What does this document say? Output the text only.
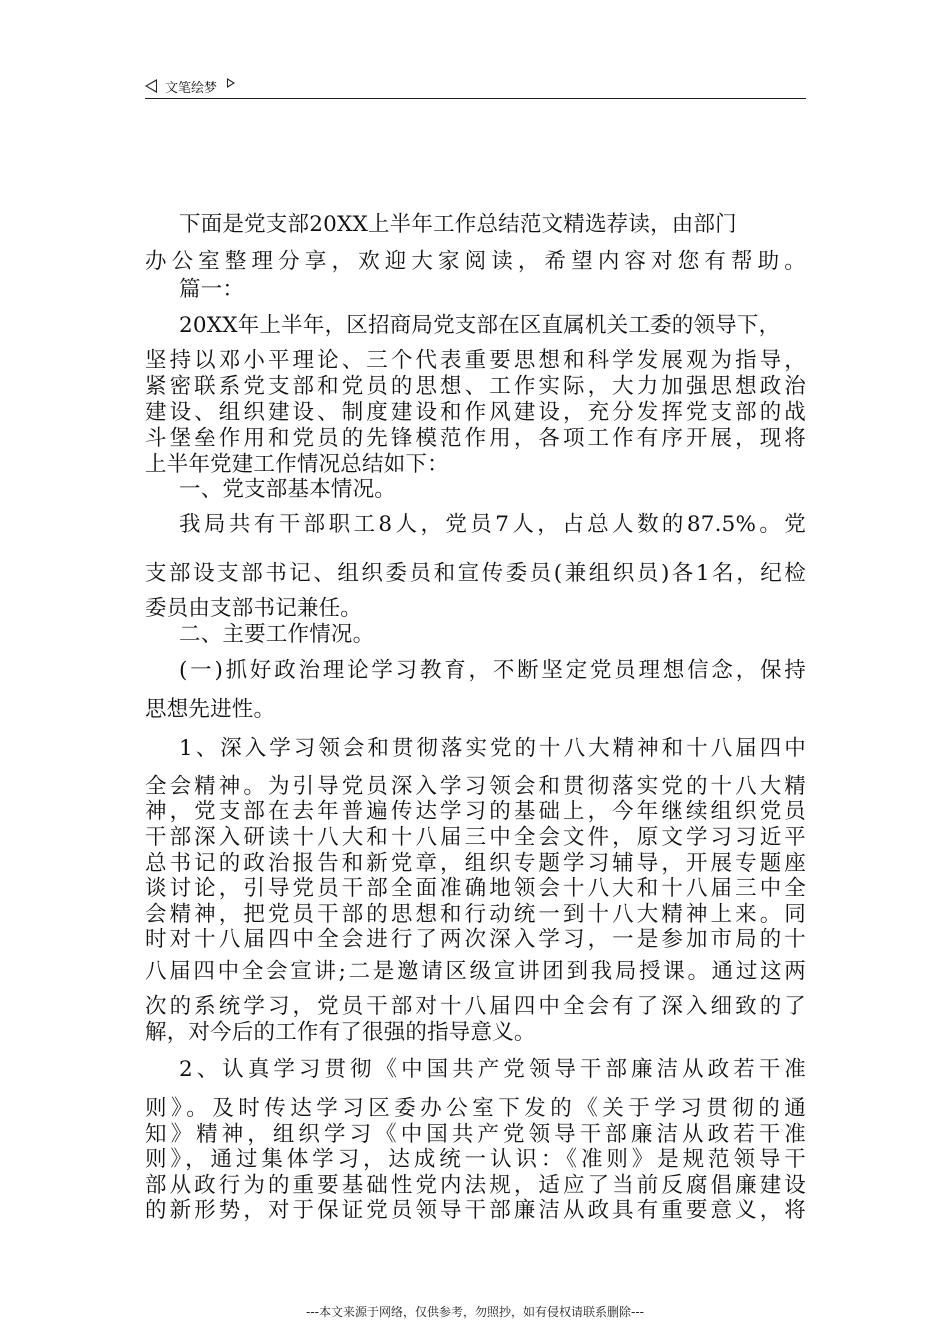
文笔绘梦
下面是党支部20XX上半年工作总结范文精选荐读，由部门
办公室整理分享，欢迎大家阅读，希望内容对您有帮助。
篇一：
20XX年上半年，区招商局党支部在区直属机关工委的领导下，
坚持以邓小平理论、三个代表重要思想和科学发展观为指导，
紧密联系党支部和党员的思想、工作实际，大力加强思想政治
建设、组织建设、制度建设和作风建设，充分发挥党支部的战
斗堡垒作用和党员的先锋模范作用，各项工作有序开展，现将
上半年党建工作情况总结如下：
一、党支部基本情况。
我局共有干部职工8人，党员7人，占总人数的87.5%。党
支部设支部书记、组织委员和宣传委员(兼组织员)各1名，纪检
委员由支部书记兼任。
二、主要工作情况。
(一)抓好政治理论学习教育，不断坚定党员理想信念，保持
思想先进性。
1、深入学习领会和贯彻落实党的十八大精神和十八届四中
全会精神。为引导党员深入学习领会和贯彻落实党的十八大精
神，党支部在去年普遍传达学习的基础上，今年继续组织党员
干部深入研读十八大和十八届三中全会文件，原文学习习近平
总书记的政治报告和新党章，组织专题学习辅导，开展专题座
谈讨论，引导党员干部全面准确地领会十八大和十八届三中全
会精神，把党员干部的思想和行动统一到十八大精神上来。同
时对十八届四中全会进行了两次深入学习，一是参加市局的十
八届四中全会宣讲;二是邀请区级宣讲团到我局授课。通过这两
次的系统学习，党员干部对十八届四中全会有了深入细致的了
解，对今后的工作有了很强的指导意义。
2、认真学习贯彻《中国共产党领导干部廉洁从政若干准
则》。及时传达学习区委办公室下发的《关于学习贯彻的通
知》精神，组织学习《中国共产党领导干部廉洁从政若干准
则》，通过集体学习，达成统一认识：《准则》是规范领导干
部从政行为的重要基础性党内法规，适应了当前反腐倡廉建设
的新形势，对于保证党员领导干部廉洁从政具有重要意义，将
---本文来源于网络，仅供参考，勿照抄，如有侵权请联系删除---
